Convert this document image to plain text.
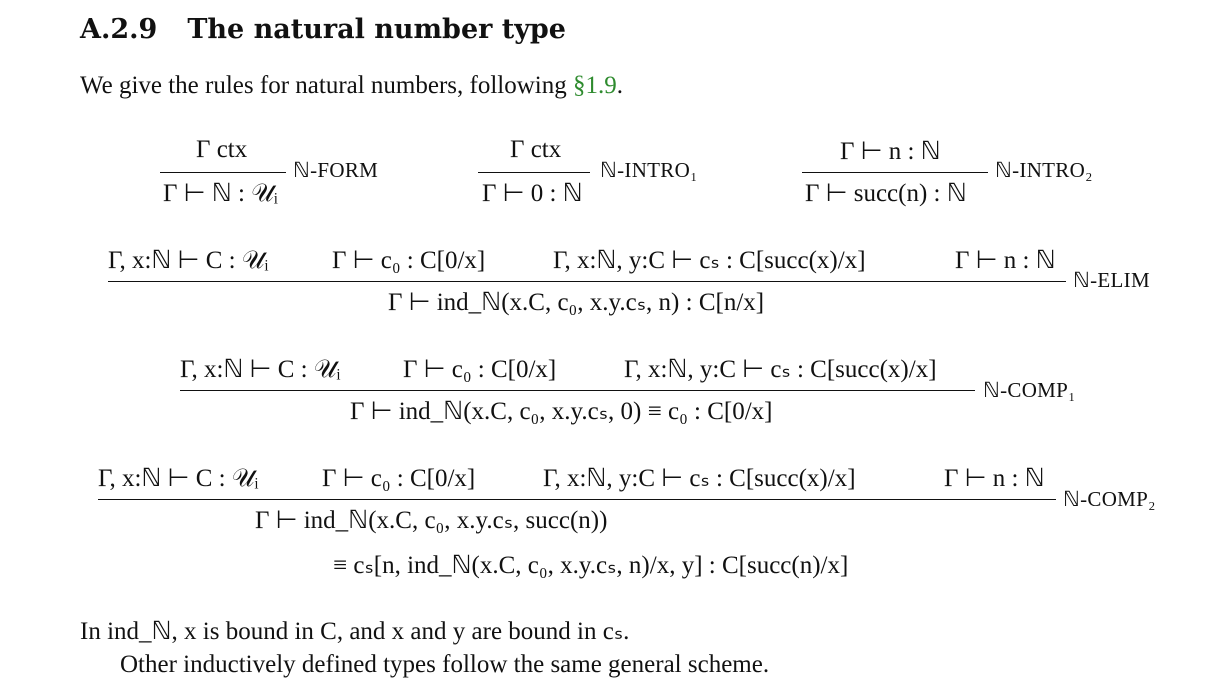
A.2.9 The natural number type
We give the rules for natural numbers, following §1.9.
Γ ctx
Γ ⊢ ℕ : 𝒰ᵢ
ℕ-FORM
Γ ctx
Γ ⊢ 0 : ℕ
ℕ-INTRO₁
Γ ⊢ n : ℕ
Γ ⊢ succ(n) : ℕ
ℕ-INTRO₂
Γ, x:ℕ ⊢ C : 𝒰ᵢ	Γ ⊢ c₀ : C[0/x]	Γ, x:ℕ, y:C ⊢ cₛ : C[succ(x)/x]	Γ ⊢ n : ℕ
Γ ⊢ ind_ℕ(x.C, c₀, x.y.cₛ, n) : C[n/x]
ℕ-ELIM
Γ, x:ℕ ⊢ C : 𝒰ᵢ	Γ ⊢ c₀ : C[0/x]	Γ, x:ℕ, y:C ⊢ cₛ : C[succ(x)/x]
Γ ⊢ ind_ℕ(x.C, c₀, x.y.cₛ, 0) ≡ c₀ : C[0/x]
ℕ-COMP₁
Γ, x:ℕ ⊢ C : 𝒰ᵢ	Γ ⊢ c₀ : C[0/x]	Γ, x:ℕ, y:C ⊢ cₛ : C[succ(x)/x]	Γ ⊢ n : ℕ
Γ ⊢ ind_ℕ(x.C, c₀, x.y.cₛ, succ(n))
≡ cₛ[n, ind_ℕ(x.C, c₀, x.y.cₛ, n)/x, y] : C[succ(n)/x]
ℕ-COMP₂
In ind_ℕ, x is bound in C, and x and y are bound in cₛ.
Other inductively defined types follow the same general scheme.
